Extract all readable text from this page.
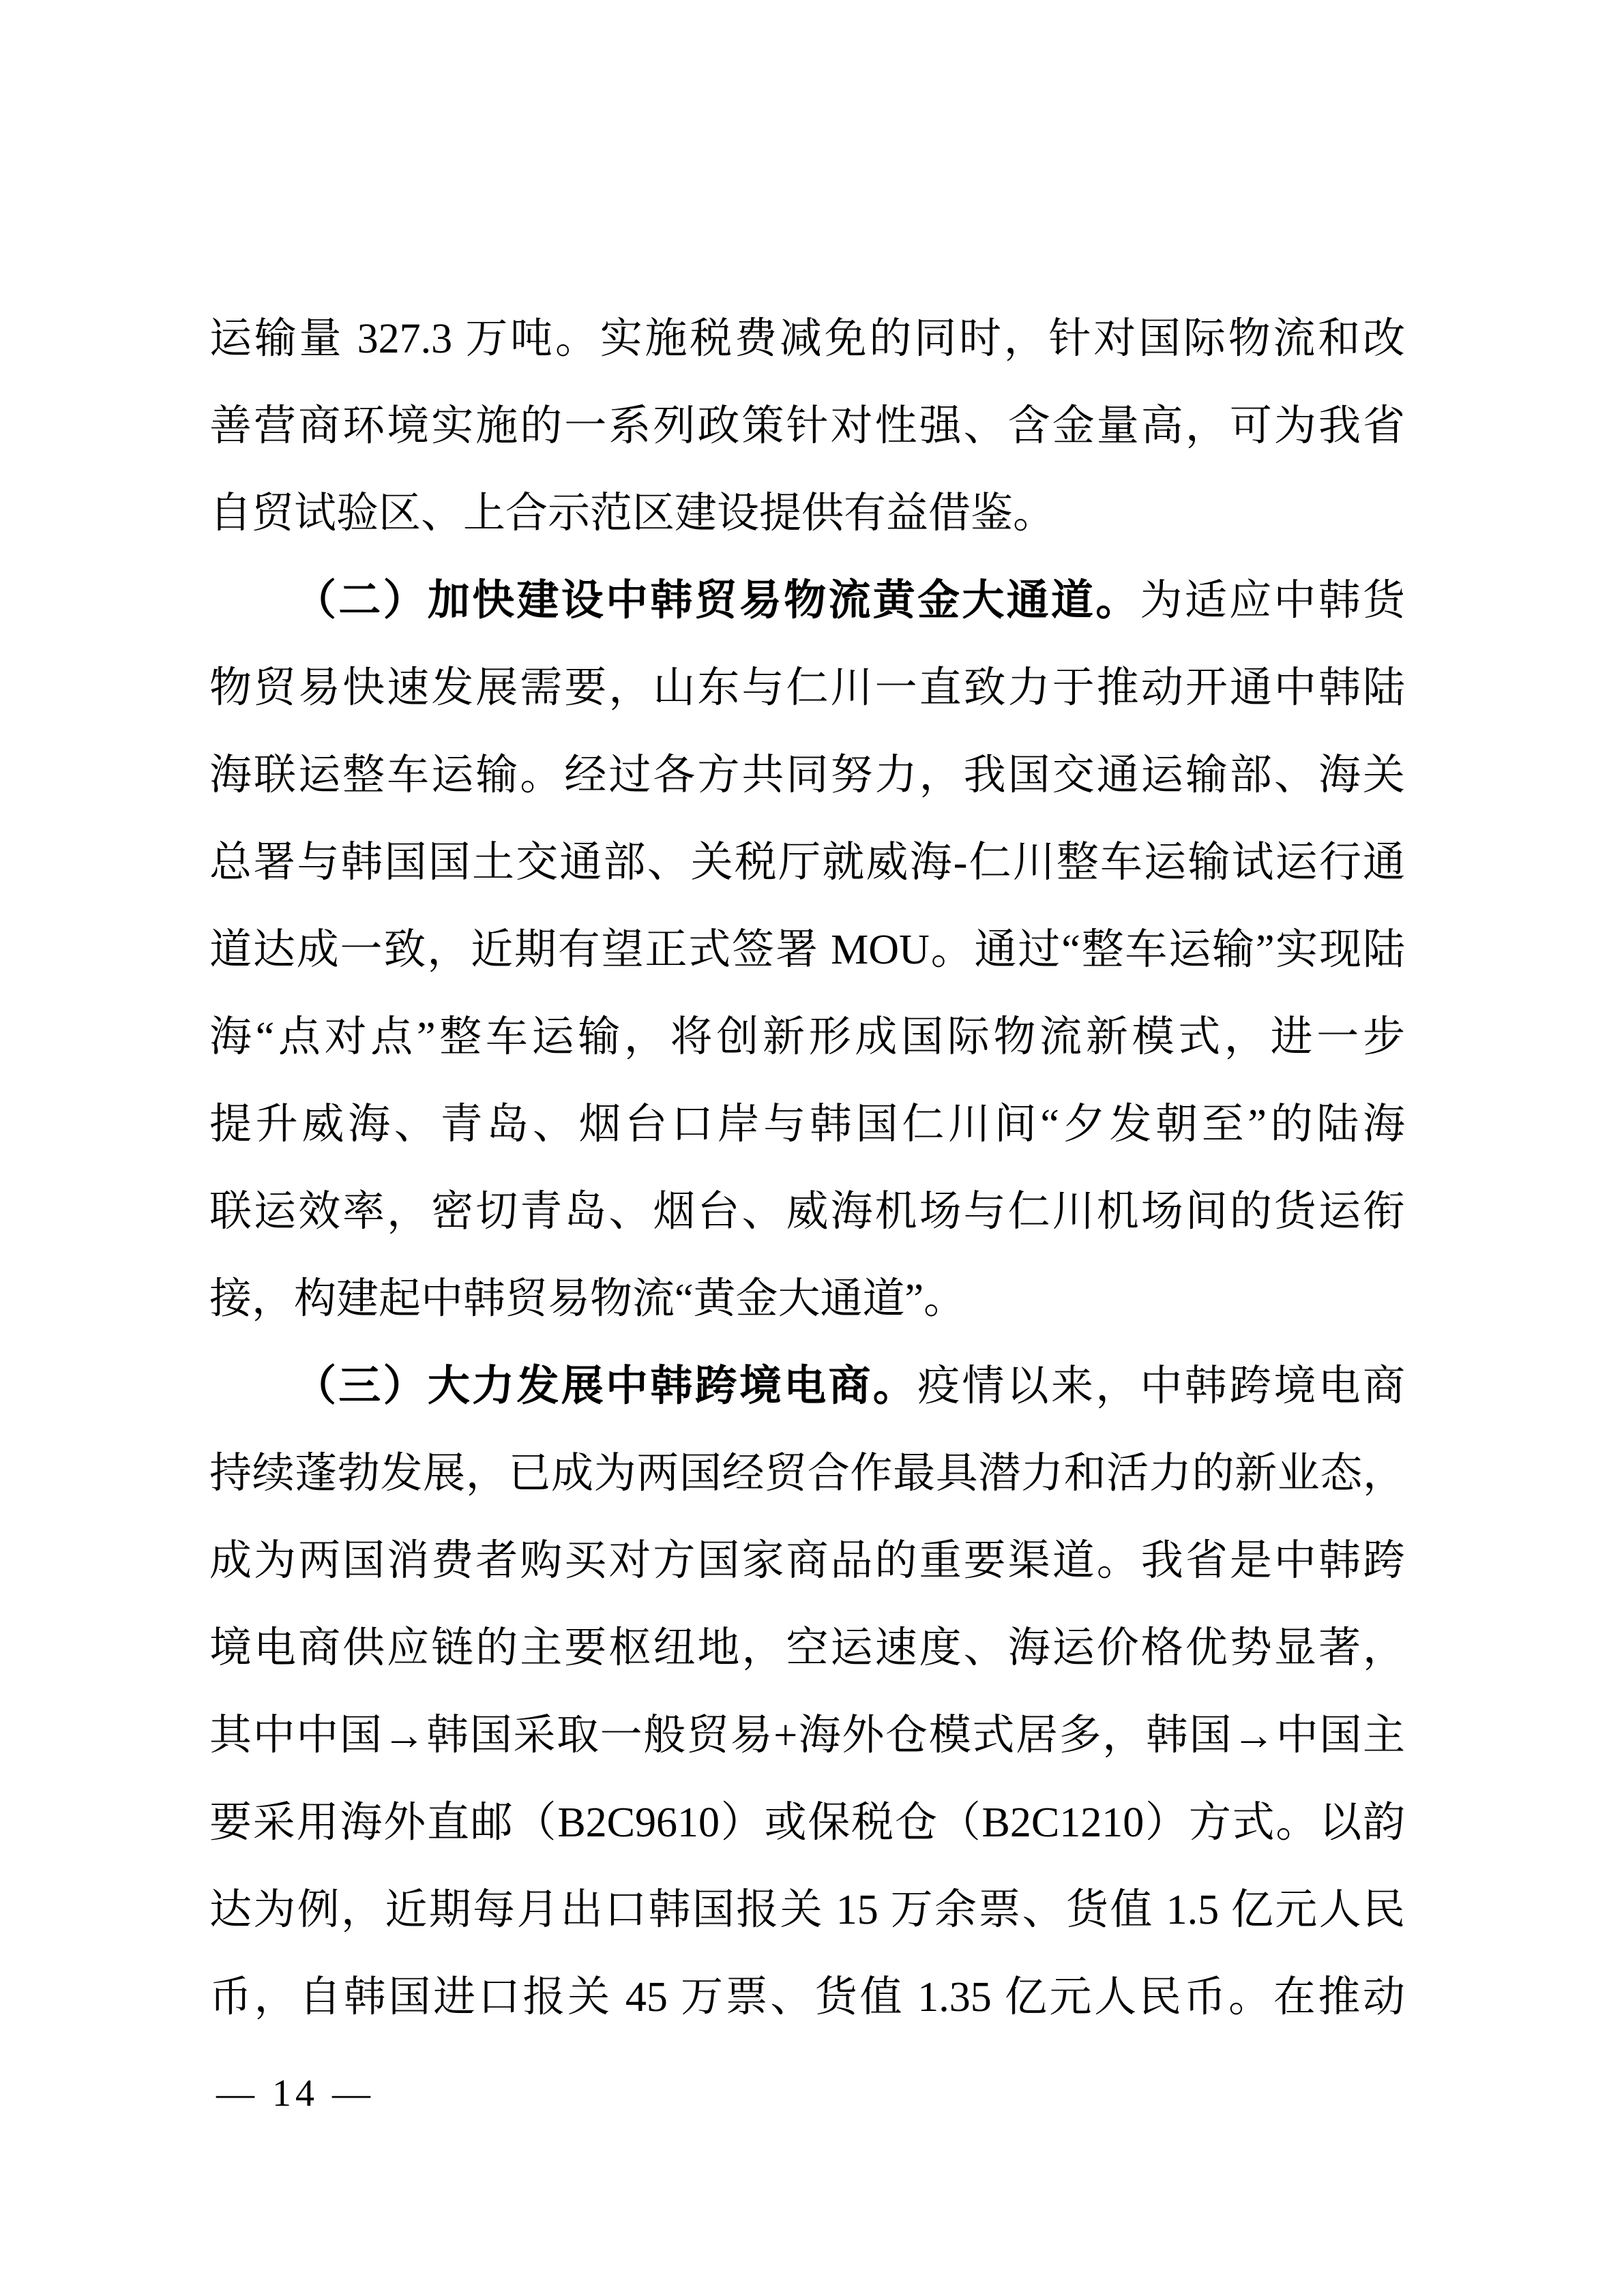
运输量 327.3 万吨。实施税费减免的同时，针对国际物流和改
善营商环境实施的一系列政策针对性强、含金量高，可为我省
自贸试验区、上合示范区建设提供有益借鉴。
（二）加快建设中韩贸易物流黄金大通道。为适应中韩货
物贸易快速发展需要，山东与仁川一直致力于推动开通中韩陆
海联运整车运输。经过各方共同努力，我国交通运输部、海关
总署与韩国国土交通部、关税厅就威海-仁川整车运输试运行通
道达成一致，近期有望正式签署 MOU。通过“整车运输”实现陆
海“点对点”整车运输，将创新形成国际物流新模式，进一步
提升威海、青岛、烟台口岸与韩国仁川间“夕发朝至”的陆海
联运效率，密切青岛、烟台、威海机场与仁川机场间的货运衔
接，构建起中韩贸易物流“黄金大通道”。
（三）大力发展中韩跨境电商。疫情以来，中韩跨境电商
持续蓬勃发展，已成为两国经贸合作最具潜力和活力的新业态，
成为两国消费者购买对方国家商品的重要渠道。我省是中韩跨
境电商供应链的主要枢纽地，空运速度、海运价格优势显著，
其中中国→韩国采取一般贸易+海外仓模式居多，韩国→中国主
要采用海外直邮（B2C9610）或保税仓（B2C1210）方式。以韵
达为例，近期每月出口韩国报关 15 万余票、货值 1.5 亿元人民
币，自韩国进口报关 45 万票、货值 1.35 亿元人民币。在推动
— 14 —
